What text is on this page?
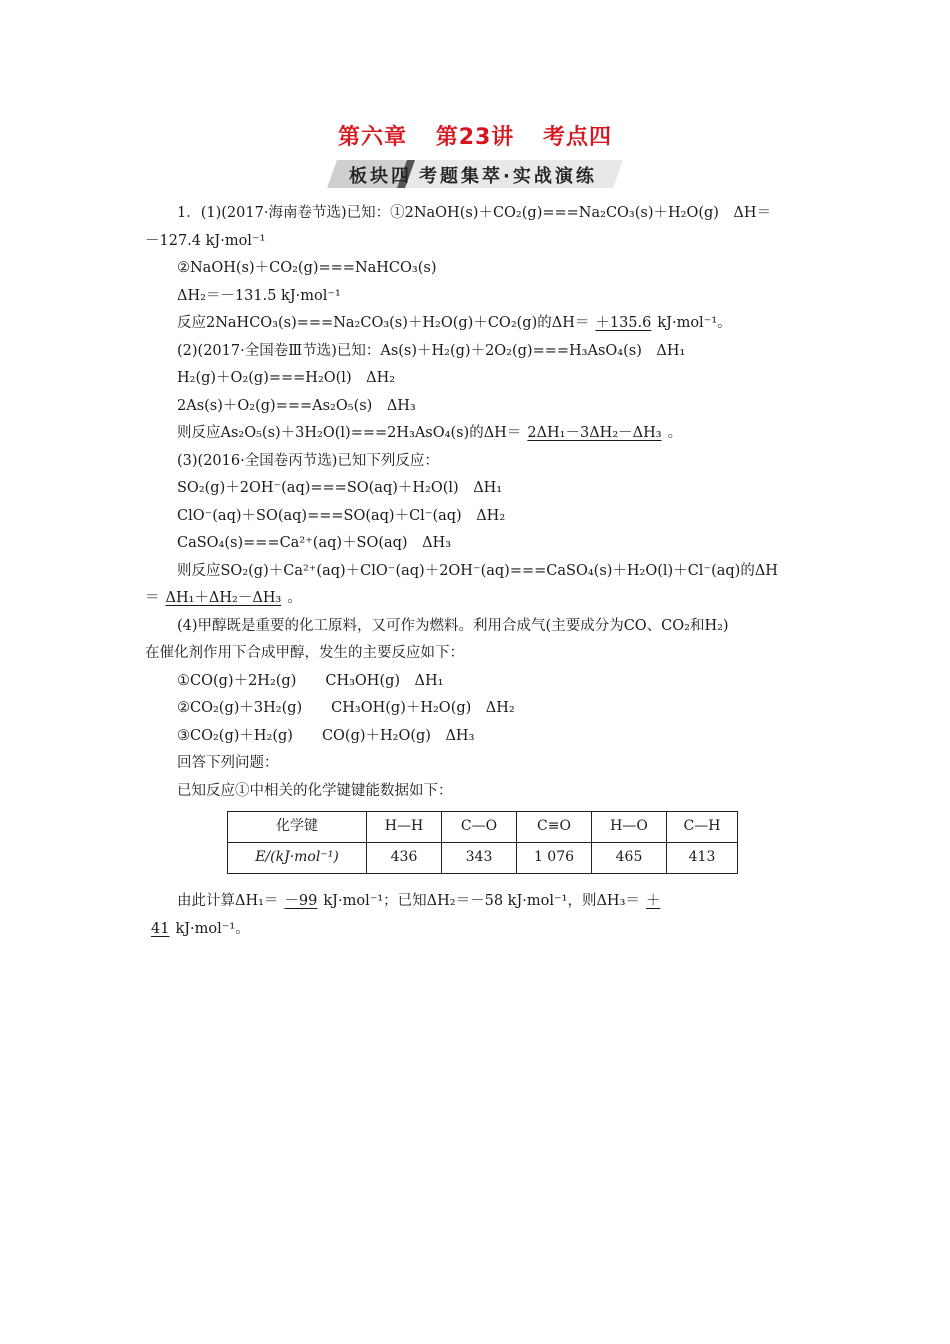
第六章 第23讲 考点四
板块四 考题集萃·实战演练
1．(1)(2017·海南卷节选)已知：①2NaOH(s)＋CO₂(g)===Na₂CO₃(s)＋H₂O(g)　ΔH＝
－127.4 kJ·mol⁻¹
②NaOH(s)＋CO₂(g)===NaHCO₃(s)
ΔH₂＝－131.5 kJ·mol⁻¹
反应2NaHCO₃(s)===Na₂CO₃(s)＋H₂O(g)＋CO₂(g)的ΔH＝ ＋135.6 kJ·mol⁻¹。
(2)(2017·全国卷Ⅲ节选)已知：As(s)＋H₂(g)＋2O₂(g)===H₃AsO₄(s)　ΔH₁
H₂(g)＋O₂(g)===H₂O(l)　ΔH₂
2As(s)＋O₂(g)===As₂O₅(s)　ΔH₃
则反应As₂O₅(s)＋3H₂O(l)===2H₃AsO₄(s)的ΔH＝ 2ΔH₁－3ΔH₂－ΔH₃ 。
(3)(2016·全国卷丙节选)已知下列反应：
SO₂(g)＋2OH⁻(aq)===SO(aq)＋H₂O(l)　ΔH₁
ClO⁻(aq)＋SO(aq)===SO(aq)＋Cl⁻(aq)　ΔH₂
CaSO₄(s)===Ca²⁺(aq)＋SO(aq)　ΔH₃
则反应SO₂(g)＋Ca²⁺(aq)＋ClO⁻(aq)＋2OH⁻(aq)===CaSO₄(s)＋H₂O(l)＋Cl⁻(aq)的ΔH
＝ ΔH₁＋ΔH₂－ΔH₃ 。
(4)甲醇既是重要的化工原料，又可作为燃料。利用合成气(主要成分为CO、CO₂和H₂)
在催化剂作用下合成甲醇，发生的主要反应如下：
①CO(g)＋2H₂(g)　　CH₃OH(g)　ΔH₁
②CO₂(g)＋3H₂(g)　　CH₃OH(g)＋H₂O(g)　ΔH₂
③CO₂(g)＋H₂(g)　　CO(g)＋H₂O(g)　ΔH₃
回答下列问题：
已知反应①中相关的化学键键能数据如下：
化学键	H—H	C—O	C≡O	H—O	C—H
E/(kJ·mol⁻¹)	436	343	1 076	465	413
由此计算ΔH₁＝ －99 kJ·mol⁻¹；已知ΔH₂＝－58 kJ·mol⁻¹，则ΔH₃＝ ＋
41 kJ·mol⁻¹。
